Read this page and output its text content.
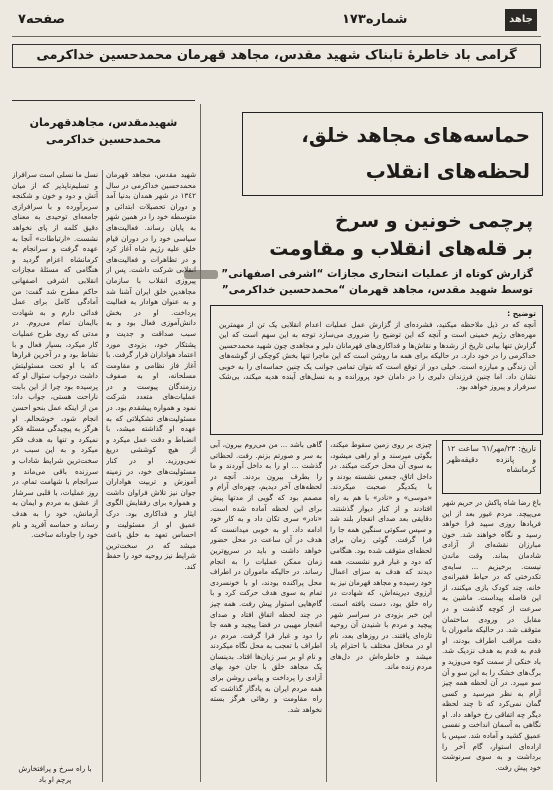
صفحه٧	شماره١٧٣	جاهد
گرامی باد خاطرۀ تابناک شهید مقدس، مجاهد قهرمان محمدحسین خداکرمی
شهیدمقدس، مجاهدقهرمان
محمدحسین خداکرمی	حماسه‌های مجاهد خلق،
لحظه‌های انقلاب
پرچمی خونین و سرخ
بر قله‌های انقلاب و مقاومت
گزارش کوتاه از عملیات انتحاری مجازات “اشرفی اصفهانی”
توسط شهید مقدس، مجاهد قهرمان “محمدحسین خداکرمی”
توضیح :
آنچه که در ذیل ملاحظه میکنید، فشرده‌ای از گزارش عمل عملیات اعدام انقلابی یک تن از مهمترین مهره‌های رژیم خمینی است و آنچه که این توضیح را ضروری می‌سازد توجه به این سهم است که این گزارش تنها بیانی تاریخ از رشدها و نقاش‌ها و فداکاری‌های قهرمانان دلیر و مجاهدی چون شهید محمدحسین خداکرمی را در خود دارد. در حالیکه برای همه ما روشن است که این ماجرا تنها بخش کوچکی از گوشه‌های آن زندگی و مبارزه است. خیلی دور از توقع است که بتوان تمامی جوانب یک چنین حماسه‌ای را به خوبی نشان داد. اما چنین فرزندان دلیری را در دامان خود پرورانده و به نسل‌های آینده هدیه میکند، بی‌شک سرفراز و پیروز خواهد بود.
تاریخ: ٢٣/مهر/٦١ ساعت ١٢ و پانزده دقیقه‌ظهر کرمانشاه
نسل ما نسلی است سرافراز و تسلیم‌ناپذیر که از میان آتش و دود و خون و شکنجه سربرآورده و با سرافرازی جامعه‌ای توحیدی به معنای دقیق کلمه از پای نخواهد نشست. «ارتباطات» آنجا به عهده گرفت و سرانجام به کرمانشاه اعزام گردید و هنگامی که مسئلهٔ مجازات انقلابی اشرفی اصفهانی حاکم مطرح شد گفت: من آمادگی کامل برای عمل فدائی دارم و به شهادت باایمان تمام می‌روم. در مدتی که روی طرح عملیات کار میکرد، بسیار فعال و با نشاط بود و در آخرین قرارها که با او تحت مسئولیتش داشت درجواب سئوال او که پرسیده بود چرا از این بابت ناراحت هستی، جواب داد: من از اینکه عمل بنحو احسن انجام شود، خوشحالم. او هرگز به پیچیدگی مسئله فکر نمیکرد و تنها به هدف فکر میکرد و به این سبب در سخت‌ترین شرایط شاداب و سرزنده باقی می‌ماند و سرانجام با شهامت تمام، در روز عملیات، با قلبی سرشار از عشق به مردم و ایمان به آرمانش، خود را به هدف رساند و حماسه آفرید و نام خود را جاودانه ساخت.
با راه سرخ و پرافتخارش
پرچم او باد
شهید مقدس، مجاهد قهرمان محمدحسین خداکرمی در سال ١٣٤٢ در شهر همدان بدنیا آمد و دوران تحصیلات ابتدائی و متوسطه خود را در همین شهر به پایان رساند. فعالیت‌های سیاسی خود را در دوران قیام خلق علیه رژیم شاه آغاز کرد و در تظاهرات و فعالیت‌های انقلابی شرکت داشت. پس از پیروزی انقلاب با سازمان مجاهدین خلق ایران آشنا شد و به عنوان هوادار به فعالیت پرداخت. او در بخش دانش‌آموزی فعال بود و به سبب صداقت و جدیت و پشتکار خود، بزودی مورد اعتماد هواداران قرار گرفت. با آغاز فاز نظامی و مقاومت مسلحانه، او به صفوف رزمندگان پیوست و در عملیات‌های متعدد شرکت نمود و همواره پیشقدم بود. در مسئولیت‌های تشکیلاتی که به عهده او گذاشته میشد، با انضباط و دقت عمل میکرد و از هیچ کوششی دریغ نمی‌ورزید. او در کنار مسئولیت‌های خود، در زمینه آموزش و تربیت هواداران جوان نیز تلاش فراوان داشت و همواره برای رفقایش الگوی ایثار و فداکاری بود. درک عمیق او از مسئولیت و احساس تعهد به خلق باعث میشد که در سخت‌ترین شرایط نیز روحیه خود را حفظ کند.
گاهی باشد ... من می‌روم بیرون، آبی به سر و صورتم بزنم. رفت. لحظاتی گذشت ... او را به داخل آوردند و ما را بطرف بیرون بردند. آنچه در لحظه‌های آخر دیدیم، چهره‌ای آرام و مصمم بود که گویی از مدتها پیش برای این لحظه آماده شده است. «نادر» سری تکان داد و به کار خود ادامه داد. او به خوبی میدانست که هدف در آن ساعت در محل حضور خواهد داشت و باید در سریع‌ترین زمان ممکن عملیات را به انجام رساند. در حالیکه ماموران در اطراف محل پراکنده بودند، او با خونسردی تمام به سوی هدف حرکت کرد و با گام‌هایی استوار پیش رفت. همه چیز در چند لحظه اتفاق افتاد و صدای انفجار مهیبی در فضا پیچید و همه جا را دود و غبار فرا گرفت. مردم در اطراف با تعجب به محل نگاه میکردند و نام او بر سر زبان‌ها افتاد. بدینسان یک مجاهد خلق با جان خود بهای آزادی را پرداخت و پیامی روشن برای همه مردم ایران به یادگار گذاشت که راه مقاومت و رهائی هرگز بسته نخواهد شد.
چیزی بر روی زمین سقوط میکند، بگوئی میرسند و او راهی میشود، به سوی آن محل حرکت میکند. در داخل اتاق، جمعی نشسته بودند و با یکدیگر صحبت میکردند. «موسی» و «نادر» با هم به راه افتادند و از کنار دیوار گذشتند. دقایقی بعد صدای انفجار بلند شد و سپس سکوتی سنگین همه جا را فرا گرفت. گوئی زمان برای لحظه‌ای متوقف شده بود. هنگامی که دود و غبار فرو نشست، همه دیدند که هدف به سزای اعمال خود رسیده و مجاهد قهرمان نیز به آرزوی دیرینه‌اش، که شهادت در راه خلق بود، دست یافته است. این خبر بزودی در سراسر شهر پیچید و مردم با شنیدن آن روحیه تازه‌ای یافتند. در روزهای بعد، نام او در محافل مختلف با احترام یاد میشد و خاطره‌اش در دل‌های مردم زنده ماند.
باغ رضا شاه پاکش در حریم شهر می‌پیچد. مردم غیور بعد از این فریادها روزی سپید فرا خواهد رسید و نگاه خواهند شد. خون مبارزان نقشه‌ای از آزادی شادمان بماند. وقت ماندن نیست. برخیزیم ... سایه‌ی تکدرختی که در حیاط فقیرانه‌ی خانه، چند کودک بازی میکنند، از این فاصله پیداست. ماشین به سرعت از کوچه گذشت و در مقابل در ورودی ساختمان متوقف شد. در حالیکه ماموران با دقت مراقب اطراف بودند، او قدم به قدم به هدف نزدیک شد. باد خنکی از سمت کوه می‌وزید و برگ‌های خشک را به این سو و آن سو میبرد. در آن لحظه همه چیز آرام به نظر میرسید و کسی گمان نمی‌کرد که تا چند لحظه دیگر چه اتفاقی رخ خواهد داد. او نگاهی به آسمان انداخت و نفسی عمیق کشید و آماده شد. سپس با اراده‌ای استوار، گام آخر را برداشت و به سوی سرنوشت خود پیش رفت.
